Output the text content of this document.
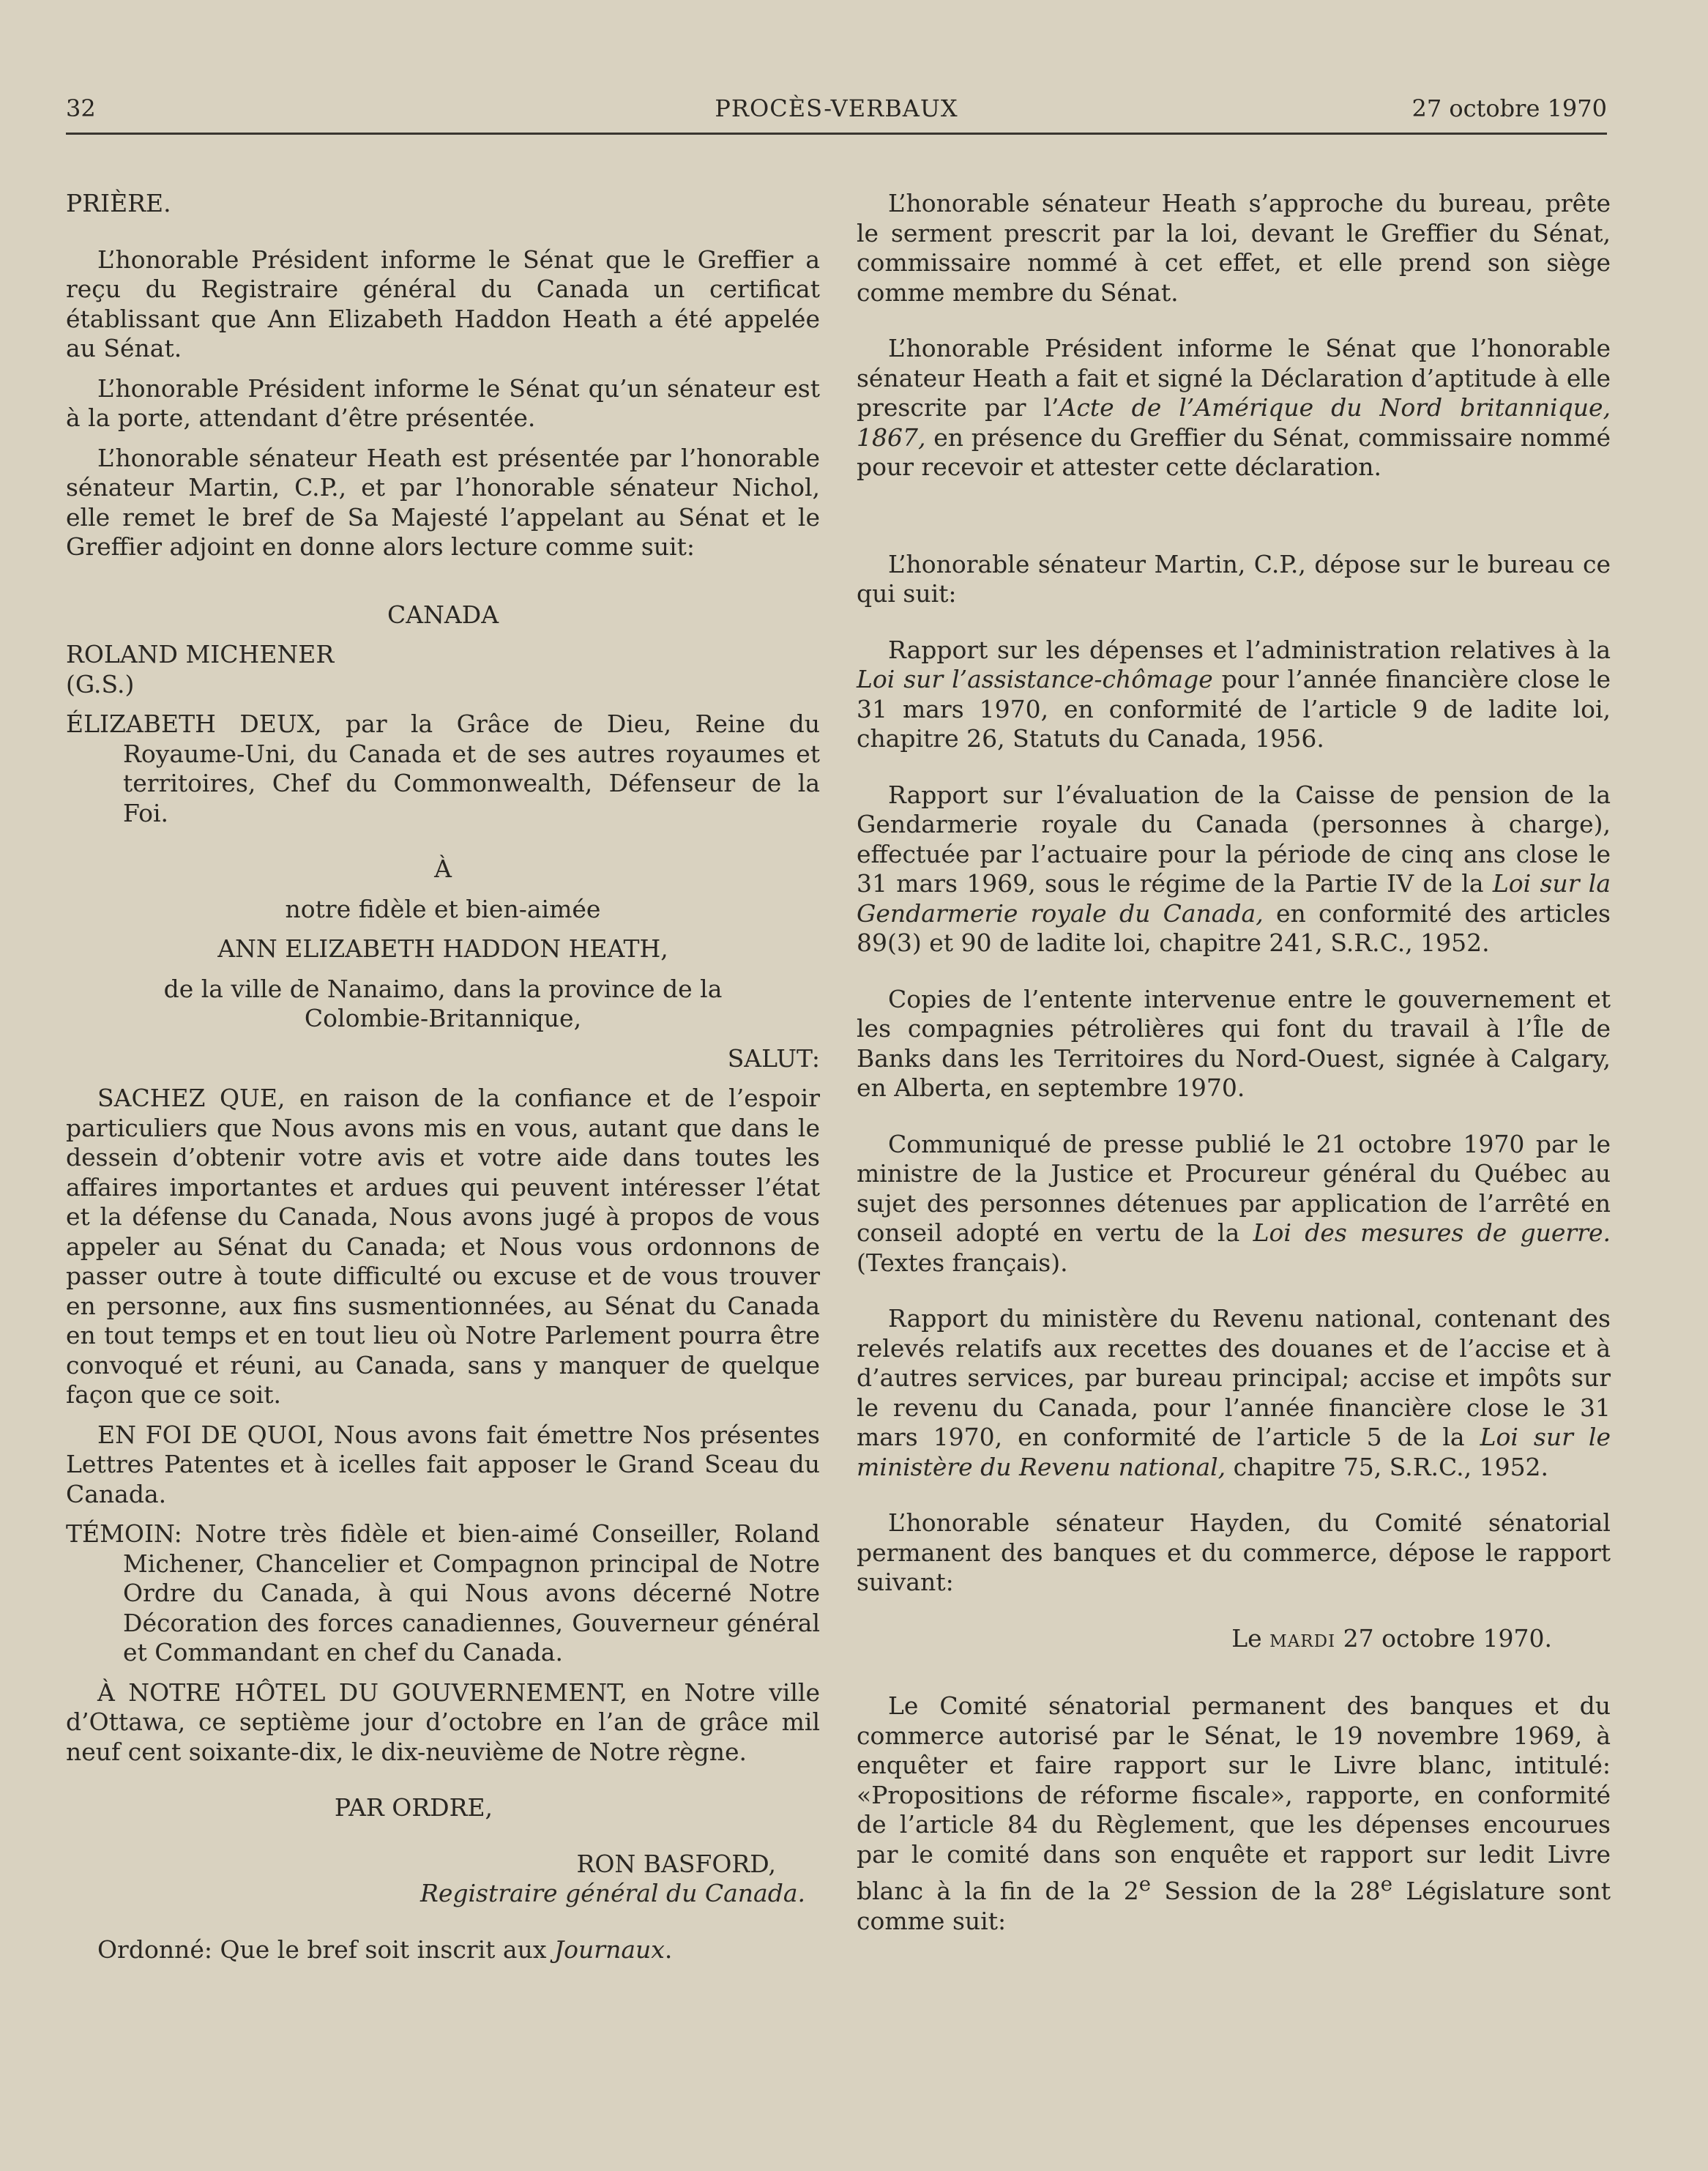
32	PROCÈS-VERBAUX	27 octobre 1970

PRIÈRE.

L’honorable Président informe le Sénat que le Greffier a reçu du Registraire général du Canada un certificat établissant que Ann Elizabeth Haddon Heath a été appelée au Sénat.

L’honorable Président informe le Sénat qu’un sénateur est à la porte, attendant d’être présentée.

L’honorable sénateur Heath est présentée par l’honorable sénateur Martin, C.P., et par l’honorable sénateur Nichol, elle remet le bref de Sa Majesté l’appelant au Sénat et le Greffier adjoint en donne alors lecture comme suit:

CANADA

ROLAND MICHENER

(G.S.)

ÉLIZABETH DEUX, par la Grâce de Dieu, Reine du Royaume-Uni, du Canada et de ses autres royaumes et territoires, Chef du Commonwealth, Défenseur de la Foi.

À

notre fidèle et bien-aimée

ANN ELIZABETH HADDON HEATH,

de la ville de Nanaimo, dans la province de la

Colombie-Britannique,

SALUT:

SACHEZ QUE, en raison de la confiance et de l’espoir particuliers que Nous avons mis en vous, autant que dans le dessein d’obtenir votre avis et votre aide dans toutes les affaires importantes et ardues qui peuvent intéresser l’état et la défense du Canada, Nous avons jugé à propos de vous appeler au Sénat du Canada; et Nous vous ordonnons de passer outre à toute difficulté ou excuse et de vous trouver en personne, aux fins susmentionnées, au Sénat du Canada en tout temps et en tout lieu où Notre Parlement pourra être convoqué et réuni, au Canada, sans y manquer de quelque façon que ce soit.

EN FOI DE QUOI, Nous avons fait émettre Nos présentes Lettres Patentes et à icelles fait apposer le Grand Sceau du Canada.

TÉMOIN: Notre très fidèle et bien-aimé Conseiller, Roland Michener, Chancelier et Compagnon principal de Notre Ordre du Canada, à qui Nous avons décerné Notre Décoration des forces canadiennes, Gouverneur général et Commandant en chef du Canada.

À NOTRE HÔTEL DU GOUVERNEMENT, en Notre ville d’Ottawa, ce septième jour d’octobre en l’an de grâce mil neuf cent soixante-dix, le dix-neuvième de Notre règne.

PAR ORDRE,

RON BASFORD,

Registraire général du Canada.

Ordonné: Que le bref soit inscrit aux Journaux.

L’honorable sénateur Heath s’approche du bureau, prête le serment prescrit par la loi, devant le Greffier du Sénat, commissaire nommé à cet effet, et elle prend son siège comme membre du Sénat.

L’honorable Président informe le Sénat que l’honorable sénateur Heath a fait et signé la Déclaration d’aptitude à elle prescrite par l’Acte de l’Amérique du Nord britannique, 1867, en présence du Greffier du Sénat, commissaire nommé pour recevoir et attester cette déclaration.

L’honorable sénateur Martin, C.P., dépose sur le bureau ce qui suit:

Rapport sur les dépenses et l’administration relatives à la Loi sur l’assistance-chômage pour l’année financière close le 31 mars 1970, en conformité de l’article 9 de ladite loi, chapitre 26, Statuts du Canada, 1956.

Rapport sur l’évaluation de la Caisse de pension de la Gendarmerie royale du Canada (personnes à charge), effectuée par l’actuaire pour la période de cinq ans close le 31 mars 1969, sous le régime de la Partie IV de la Loi sur la Gendarmerie royale du Canada, en conformité des articles 89(3) et 90 de ladite loi, chapitre 241, S.R.C., 1952.

Copies de l’entente intervenue entre le gouvernement et les compagnies pétrolières qui font du travail à l’Île de Banks dans les Territoires du Nord-Ouest, signée à Calgary, en Alberta, en septembre 1970.

Communiqué de presse publié le 21 octobre 1970 par le ministre de la Justice et Procureur général du Québec au sujet des personnes détenues par application de l’arrêté en conseil adopté en vertu de la Loi des mesures de guerre. (Textes français).

Rapport du ministère du Revenu national, contenant des relevés relatifs aux recettes des douanes et de l’accise et à d’autres services, par bureau principal; accise et impôts sur le revenu du Canada, pour l’année financière close le 31 mars 1970, en conformité de l’article 5 de la Loi sur le ministère du Revenu national, chapitre 75, S.R.C., 1952.

L’honorable sénateur Hayden, du Comité sénatorial permanent des banques et du commerce, dépose le rapport suivant:

Le mardi 27 octobre 1970.

Le Comité sénatorial permanent des banques et du commerce autorisé par le Sénat, le 19 novembre 1969, à enquêter et faire rapport sur le Livre blanc, intitulé: «Propositions de réforme fiscale», rapporte, en conformité de l’article 84 du Règlement, que les dépenses encourues par le comité dans son enquête et rapport sur ledit Livre blanc à la fin de la 2e Session de la 28e Législature sont comme suit:
